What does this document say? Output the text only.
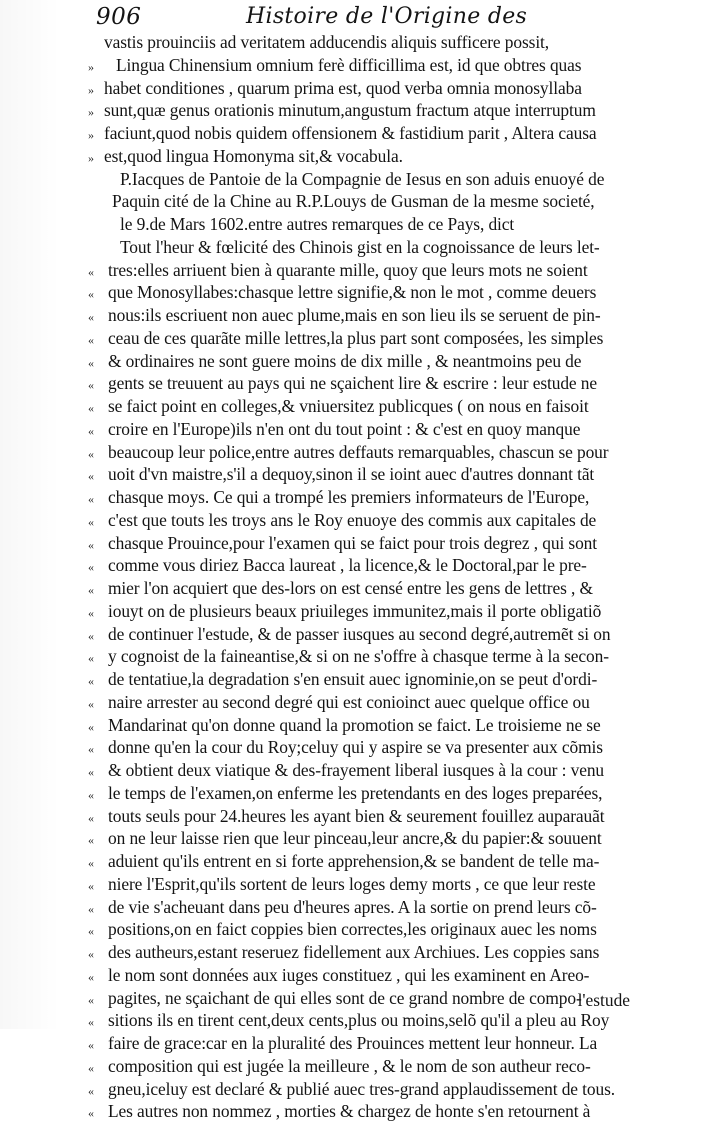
906	Histoire de l'Origine des
vastis prouinciis ad veritatem adducendis aliquis sufficere possit,
» Lingua Chinensium omnium ferè difficillima est, id que obtres quas
» habet conditiones , quarum prima est, quod verba omnia monosyllaba
» sunt,quæ genus orationis minutum,angustum fractum atque interruptum
» faciunt,quod nobis quidem offensionem & fastidium parit , Altera causa
» est,quod lingua Homonyma sit,& vocabula.
P.Iacques de Pantoie de la Compagnie de Iesus en son aduis enuoyé de
Paquin cité de la Chine au R.P.Louys de Gusman de la mesme societé,
le 9.de Mars 1602.entre autres remarques de ce Pays, dict
Tout l'heur & fœlicité des Chinois gist en la cognoissance de leurs let-
« tres:elles arriuent bien à quarante mille, quoy que leurs mots ne soient
« que Monosyllabes:chasque lettre signifie,& non le mot , comme deuers
« nous:ils escriuent non auec plume,mais en son lieu ils se seruent de pin-
« ceau de ces quarãte mille lettres,la plus part sont composées, les simples
« & ordinaires ne sont guere moins de dix mille , & neantmoins peu de
« gents se treuuent au pays qui ne sçaichent lire & escrire : leur estude ne
« se faict point en colleges,& vniuersitez publicques ( on nous en faisoit
« croire en l'Europe)ils n'en ont du tout point : & c'est en quoy manque
« beaucoup leur police,entre autres deffauts remarquables, chascun se pour
« uoit d'vn maistre,s'il a dequoy,sinon il se ioint auec d'autres donnant tãt
« chasque moys. Ce qui a trompé les premiers informateurs de l'Europe,
« c'est que touts les troys ans le Roy enuoye des commis aux capitales de
« chasque Prouince,pour l'examen qui se faict pour trois degrez , qui sont
« comme vous diriez Bacca laureat , la licence,& le Doctoral,par le pre-
« mier l'on acquiert que des-lors on est censé entre les gens de lettres , &
« iouyt on de plusieurs beaux priuileges immunitez,mais il porte obligatiõ
« de continuer l'estude, & de passer iusques au second degré,autremẽt si on
« y cognoist de la faineantise,& si on ne s'offre à chasque terme à la secon-
« de tentatiue,la degradation s'en ensuit auec ignominie,on se peut d'ordi-
« naire arrester au second degré qui est conioinct auec quelque office ou
« Mandarinat qu'on donne quand la promotion se faict. Le troisieme ne se
« donne qu'en la cour du Roy;celuy qui y aspire se va presenter aux cõmis
« & obtient deux viatique & des-frayement liberal iusques à la cour : venu
« le temps de l'examen,on enferme les pretendants en des loges preparées,
« touts seuls pour 24.heures les ayant bien & seurement fouillez auparauãt
« on ne leur laisse rien que leur pinceau,leur ancre,& du papier:& souuent
« aduient qu'ils entrent en si forte apprehension,& se bandent de telle ma-
« niere l'Esprit,qu'ils sortent de leurs loges demy morts , ce que leur reste
« de vie s'acheuant dans peu d'heures apres. A la sortie on prend leurs cõ-
« positions,on en faict coppies bien correctes,les originaux auec les noms
« des autheurs,estant reseruez fidellement aux Archiues. Les coppies sans
« le nom sont données aux iuges constituez , qui les examinent en Areo-
« pagites, ne sçaichant de qui elles sont de ce grand nombre de compo-
« sitions ils en tirent cent,deux cents,plus ou moins,selõ qu'il a pleu au Roy
« faire de grace:car en la pluralité des Prouinces mettent leur honneur. La
« composition qui est jugée la meilleure , & le nom de son autheur reco-
« gneu,iceluy est declaré & publié auec tres-grand applaudissement de tous.
« Les autres non nommez , morties & chargez de honte s'en retournent à
l'estude
